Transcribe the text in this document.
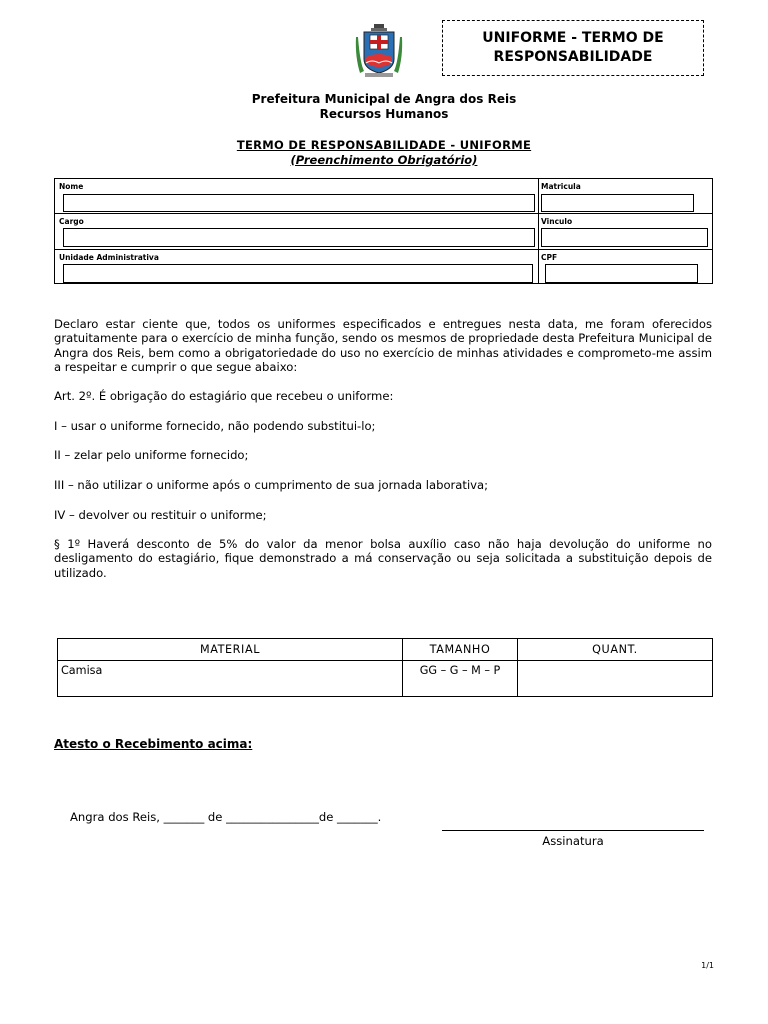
UNIFORME - TERMO DE
RESPONSABILIDADE
Prefeitura Municipal de Angra dos Reis
Recursos Humanos
TERMO DE RESPONSABILIDADE - UNIFORME
(Preenchimento Obrigatório)
Nome	Matricula
Cargo	Vinculo
Unidade Administrativa	CPF
Declaro estar ciente que, todos os uniformes especificados e entregues nesta data, me foram oferecidos gratuitamente para o exercício de minha função, sendo os mesmos de propriedade desta Prefeitura Municipal de Angra dos Reis, bem como a obrigatoriedade do uso no exercício de minhas atividades e comprometo-me assim a respeitar e cumprir o que segue abaixo:
Art. 2º. É obrigação do estagiário que recebeu o uniforme:
I – usar o uniforme fornecido, não podendo substitui-lo;
II – zelar pelo uniforme fornecido;
III – não utilizar o uniforme após o cumprimento de sua jornada laborativa;
IV – devolver ou restituir o uniforme;
§ 1º Haverá desconto de 5% do valor da menor bolsa auxílio caso não haja devolução do uniforme no desligamento do estagiário, fique demonstrado a má conservação ou seja solicitada a substituição depois de utilizado.
MATERIAL	TAMANHO	QUANT.
Camisa	GG – G – M – P	
Atesto o Recebimento acima:
Angra dos Reis, _______ de ________________de _______.
Assinatura
1/1
